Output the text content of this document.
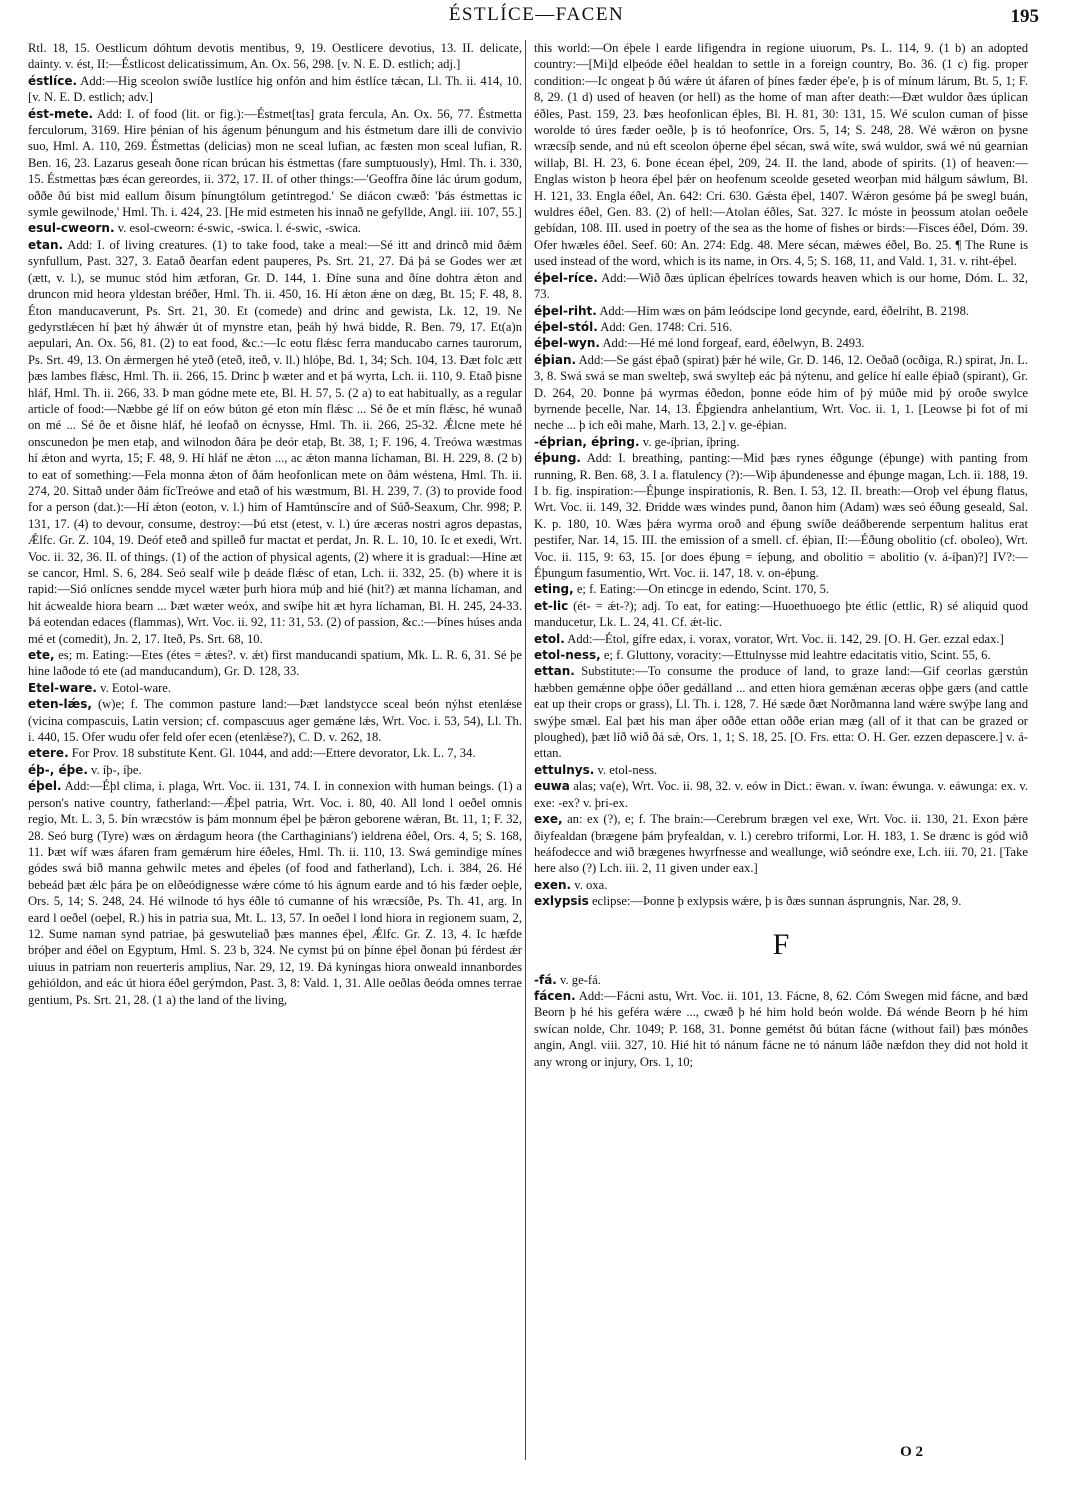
ÉSTLÍCE—FACEN	195

Rtl. 18, 15. Oestlicum dóhtum devotis mentibus, 9, 19. Oestlicere devotius, 13. II. delicate, dainty. v. ést, II:—Éstlicost delicatissimum, An. Ox. 56, 298. [v. N. E. D. estlich; adj.]

éstlíce. Add:—Hig sceolon swíðe lustlíce hig onfón and him éstlíce tǽcan, Ll. Th. ii. 414, 10. [v. N. E. D. estlich; adv.]

ést-mete. Add: I. of food (lit. or fig.):—Éstmet[tas] grata fercula, An. Ox. 56, 77. Éstmetta ferculorum, 3169. Hire þénian of his ágenum þénungum and his éstmetum dare illi de convivio suo, Hml. A. 110, 269. Éstmettas (delicias) mon ne sceal lufian, ac fæsten mon sceal lufian, R. Ben. 16, 23. Lazarus geseah ðone rícan brúcan his éstmettas (fare sumptuously), Hml. Th. i. 330, 15. Éstmettas þæs écan gereordes, ii. 372, 17. II. of other things:—'Geoffra ðíne lác úrum godum, oððe ðú bist mid eallum ðisum þínungtólum getintregod.' Se diácon cwæð: 'Þás éstmettas ic symle gewilnode,' Hml. Th. i. 424, 23. [He mid estmeten his innað ne gefyllde, Angl. iii. 107, 55.]

esul-cweorn. v. esol-cweorn: é-swic, -swica. l. é-swic, -swica.

etan. Add: I. of living creatures. (1) to take food, take a meal:—Sé itt and drincð mid ðǽm synfullum, Past. 327, 3. Eatað ðearfan edent pauperes, Ps. Srt. 21, 27. Ðá þá se Godes wer æt (ætt, v. l.), se munuc stód him ætforan, Gr. D. 144, 1. Ðíne suna and ðíne dohtra ǽton and druncon mid heora yldestan bréðer, Hml. Th. ii. 450, 16. Hí ǽton ǽne on dæg, Bt. 15; F. 48, 8. Éton manducaverunt, Ps. Srt. 21, 30. Et (comede) and drinc and gewista, Lk. 12, 19. Ne gedyrstlǽcen hí þæt hý áhwǽr út of mynstre etan, þeáh hý hwá bidde, R. Ben. 79, 17. Et(a)n aepulari, An. Ox. 56, 81. (2) to eat food, &c.:—Ic eotu flǽsc ferra manducabo carnes taurorum, Ps. Srt. 49, 13. On ǽrmergen hé yteð (eteð, iteð, v. ll.) hlóþe, Bd. 1, 34; Sch. 104, 13. Ðæt folc ætt þæs lambes flǽsc, Hml. Th. ii. 266, 15. Drinc þ wæter and et þá wyrta, Lch. ii. 110, 9. Etað þisne hláf, Hml. Th. ii. 266, 33. Þ man gódne mete ete, Bl. H. 57, 5. (2 a) to eat habitually, as a regular article of food:—Næbbe gé líf on eów búton gé eton mín flǽsc ... Sé ðe et mín flǽsc, hé wunað on mé ... Sé ðe et ðisne hláf, hé leofað on écnysse, Hml. Th. ii. 266, 25-32. Ǽlcne mete hé onscunedon þe men etaþ, and wilnodon ðára þe deór etaþ, Bt. 38, 1; F. 196, 4. Treówa wæstmas hí ǽton and wyrta, 15; F. 48, 9. Hí hláf ne ǽton ..., ac ǽton manna líchaman, Bl. H. 229, 8. (2 b) to eat of something:—Fela monna ǽton of ðám heofonlican mete on ðám wéstena, Hml. Th. ii. 274, 20. Sittað under ðám fícTreówe and etað of his wæstmum, Bl. H. 239, 7. (3) to provide food for a person (dat.):—Hí ǽton (eoton, v. l.) him of Hamtúnscíre and of Súð-Seaxum, Chr. 998; P. 131, 17. (4) to devour, consume, destroy:—Þú etst (etest, v. l.) úre æceras nostri agros depastas, Ǽlfc. Gr. Z. 104, 19. Deóf eteð and spilleð fur mactat et perdat, Jn. R. L. 10, 10. Ic et exedi, Wrt. Voc. ii. 32, 36. II. of things. (1) of the action of physical agents, (2) where it is gradual:—Hine æt se cancor, Hml. S. 6, 284. Seó sealf wile þ deáde flǽsc of etan, Lch. ii. 332, 25. (b) where it is rapid:—Sió onlícnes sendde mycel wæter þurh hiora múþ and hié (hit?) æt manna líchaman, and hit ácwealde hiora bearn ... Þæt wæter weóx, and swíþe hit æt hyra líchaman, Bl. H. 245, 24-33. Þá eotendan edaces (flammas), Wrt. Voc. ii. 92, 11: 31, 53. (2) of passion, &c.:—Þínes húses anda mé et (comedit), Jn. 2, 17. Iteð, Ps. Srt. 68, 10.

ete, es; m. Eating:—Etes (étes = ǽtes?. v. ǽt) first manducandi spatium, Mk. L. R. 6, 31. Sé þe hine laðode tó ete (ad manducandum), Gr. D. 128, 33.

Etel-ware. v. Eotol-ware.

eten-lǽs, (w)e; f. The common pasture land:—Þæt landstycce sceal beón nýhst etenlǽse (vicina compascuis, Latin version; cf. compascuus ager gemǽne lǽs, Wrt. Voc. i. 53, 54), Ll. Th. i. 440, 15. Ofer wudu ofer feld ofer ecen (etenlǽse?), C. D. v. 262, 18.

etere. For Prov. 18 substitute Kent. Gl. 1044, and add:—Ettere devorator, Lk. L. 7, 34.

éþ-, éþe. v. íþ-, íþe.

éþel. Add:—Éþl clima, i. plaga, Wrt. Voc. ii. 131, 74. I. in connexion with human beings. (1) a person's native country, fatherland:—Ǽþel patria, Wrt. Voc. i. 80, 40. All lond l oeðel omnis regio, Mt. L. 3, 5. Þín wræcstów is þám monnum éþel þe þǽron geborene wǽran, Bt. 11, 1; F. 32, 28. Seó burg (Tyre) wæs on ǽrdagum heora (the Carthaginians') ieldrena éðel, Ors. 4, 5; S. 168, 11. Þæt wíf wæs áfaren fram gemǽrum hire éðeles, Hml. Th. ii. 110, 13. Swá gemindige mínes gódes swá bið manna gehwilc metes and éþeles (of food and fatherland), Lch. i. 384, 26. Hé bebeád þæt ǽlc þára þe on elðeódignesse wǽre cóme tó his ágnum earde and tó his fæder oeþle, Ors. 5, 14; S. 248, 24. Hé wilnode tó hys éðle tó cumanne of his wræcsíðe, Ps. Th. 41, arg. In eard l oeðel (oeþel, R.) his in patria sua, Mt. L. 13, 57. In oeðel l lond hiora in regionem suam, 2, 12. Sume naman synd patriae, þá geswuteliað þæs mannes éþel, Ǽlfc. Gr. Z. 13, 4. Ic hæfde bróþer and éðel on Egyptum, Hml. S. 23 b, 324. Ne cymst þú on þínne éþel ðonan þú férdest ǽr uiuus in patriam non reuerteris amplius, Nar. 29, 12, 19. Ðá kyningas hiora onweald innanbordes gehióldon, and eác út hiora éðel gerýmdon, Past. 3, 8: Vald. 1, 31. Alle oeðlas ðeóda omnes terrae gentium, Ps. Srt. 21, 28. (1 a) the land of the living,

this world:—On éþele l earde lifigendra in regione uiuorum, Ps. L. 114, 9. (1 b) an adopted country:—[Mi]d elþeóde éðel healdan to settle in a foreign country, Bo. 36. (1 c) fig. proper condition:—Ic ongeat þ ðú wǽre út áfaren of þínes fæder éþe'e, þ is of mínum lárum, Bt. 5, 1; F. 8, 29. (1 d) used of heaven (or hell) as the home of man after death:—Ðæt wuldor ðæs úplican éðles, Past. 159, 23. Þæs heofonlican éþles, Bl. H. 81, 30: 131, 15. Wé sculon cuman of þisse worolde tó úres fæder oeðle, þ is tó heofonríce, Ors. 5, 14; S. 248, 28. Wé wǽron on þysne wræcsíþ sende, and nú eft sceolon óþerne éþel sécan, swá wíte, swá wuldor, swá wé nú gearnian willaþ, Bl. H. 23, 6. Þone écean éþel, 209, 24. II. the land, abode of spirits. (1) of heaven:—Englas wiston þ heora éþel þǽr on heofenum sceolde geseted weorþan mid hálgum sáwlum, Bl. H. 121, 33. Engla éðel, An. 642: Cri. 630. Gǽsta éþel, 1407. Wǽron gesóme þá þe swegl buán, wuldres éðel, Gen. 83. (2) of hell:—Atolan éðles, Sat. 327. Ic móste in þeossum atolan oeðele gebídan, 108. III. used in poetry of the sea as the home of fishes or birds:—Fisces éðel, Dóm. 39. Ofer hwæles éðel. Seef. 60: An. 274: Edg. 48. Mere sécan, mǽwes éðel, Bo. 25. ¶ The Rune is used instead of the word, which is its name, in Ors. 4, 5; S. 168, 11, and Vald. 1, 31. v. riht-éþel.

éþel-ríce. Add:—Wið ðæs úplican éþelríces towards heaven which is our home, Dóm. L. 32, 73.

éþel-riht. Add:—Him wæs on þám leódscipe lond gecynde, eard, éðelriht, B. 2198.

éþel-stól. Add: Gen. 1748: Cri. 516.

éþel-wyn. Add:—Hé mé lond forgeaf, eard, éðelwyn, B. 2493.

éþian. Add:—Se gást éþað (spirat) þǽr hé wile, Gr. D. 146, 12. Oeðað (ocðiga, R.) spirat, Jn. L. 3, 8. Swá swá se man swelteþ, swá swylteþ eác þá nýtenu, and gelíce hí ealle éþiað (spirant), Gr. D. 264, 20. Þonne þá wyrmas éðedon, þonne eóde him of þý múðe mid þý oroðe swylce byrnende þecelle, Nar. 14, 13. Éþgiendra anhelantium, Wrt. Voc. ii. 1, 1. [Leowse þi fot of mi neche ... þ ich eði mahe, Marh. 13, 2.] v. ge-éþian.

-éþrian, éþring. v. ge-íþrian, íþring.

éþung. Add: I. breathing, panting:—Mid þæs rynes éðgunge (éþunge) with panting from running, R. Ben. 68, 3. I a. flatulency (?):—Wiþ áþundenesse and éþunge magan, Lch. ii. 188, 19. I b. fig. inspiration:—Éþunge inspirationis, R. Ben. I. 53, 12. II. breath:—Oroþ vel éþung flatus, Wrt. Voc. ii. 149, 32. Ðridde wæs windes pund, ðanon him (Adam) wæs seó éðung geseald, Sal. K. p. 180, 10. Wæs þǽra wyrma oroð and éþung swíðe deáðberende serpentum halitus erat pestifer, Nar. 14, 15. III. the emission of a smell. cf. éþian, II:—Éðung obolitio (cf. oboleo), Wrt. Voc. ii. 115, 9: 63, 15. [or does éþung = íeþung, and obolitio = abolitio (v. á-íþan)?] IV?:—Éþungum fasumentio, Wrt. Voc. ii. 147, 18. v. on-éþung.

eting, e; f. Eating:—On etincge in edendo, Scint. 170, 5.

et-lic (ét- = ǽt-?); adj. To eat, for eating:—Huoethuoego þte étlic (ettlic, R) sé aliquid quod manducetur, Lk. L. 24, 41. Cf. ǽt-lic.

etol. Add:—Étol, gífre edax, i. vorax, vorator, Wrt. Voc. ii. 142, 29. [O. H. Ger. ezzal edax.]

etol-ness, e; f. Gluttony, voracity:—Ettulnysse mid leahtre edacitatis vitio, Scint. 55, 6.

ettan. Substitute:—To consume the produce of land, to graze land:—Gif ceorlas gærstún hæbben gemǽnne oþþe óðer gedálland ... and etten hiora gemǽnan æceras oþþe gærs (and cattle eat up their crops or grass), Ll. Th. i. 128, 7. Hé sæde ðæt Norðmanna land wǽre swýþe lang and swýþe smæl. Eal þæt his man áþer oððe ettan oððe erian mæg (all of it that can be grazed or ploughed), þæt líð wið ðá sǽ, Ors. 1, 1; S. 18, 25. [O. Frs. etta: O. H. Ger. ezzen depascere.] v. á-ettan.

ettulnys. v. etol-ness.

euwa alas; va(e), Wrt. Voc. ii. 98, 32. v. eów in Dict.: ēwan. v. íwan: éwunga. v. eáwunga: ex. v. exe: -ex? v. þri-ex.

exe, an: ex (?), e; f. The brain:—Cerebrum brægen vel exe, Wrt. Voc. ii. 130, 21. Exon þǽre ðiyfealdan (brægene þám þryfealdan, v. l.) cerebro triformi, Lor. H. 183, 1. Se drænc is gód wið heáfodecce and wið brægenes hwyrfnesse and weallunge, wið seóndre exe, Lch. iii. 70, 21. [Take here also (?) Lch. iii. 2, 11 given under eax.]

exen. v. oxa.

exlypsis eclipse:—Þonne þ exlypsis wǽre, þ is ðæs sunnan ásprungnis, Nar. 28, 9.

F

-fá. v. ge-fá.

fácen. Add:—Fácni astu, Wrt. Voc. ii. 101, 13. Fácne, 8, 62. Cóm Swegen mid fácne, and bæd Beorn þ hé his geféra wǽre ..., cwæð þ hé him hold beón wolde. Ðá wénde Beorn þ hé him swícan nolde, Chr. 1049; P. 168, 31. Þonne gemétst ðú bútan fácne (without fail) þæs mónðes angin, Angl. viii. 327, 10. Hié hit tó nánum fácne ne tó nánum láðe næfdon they did not hold it any wrong or injury, Ors. 1, 10;

O 2
